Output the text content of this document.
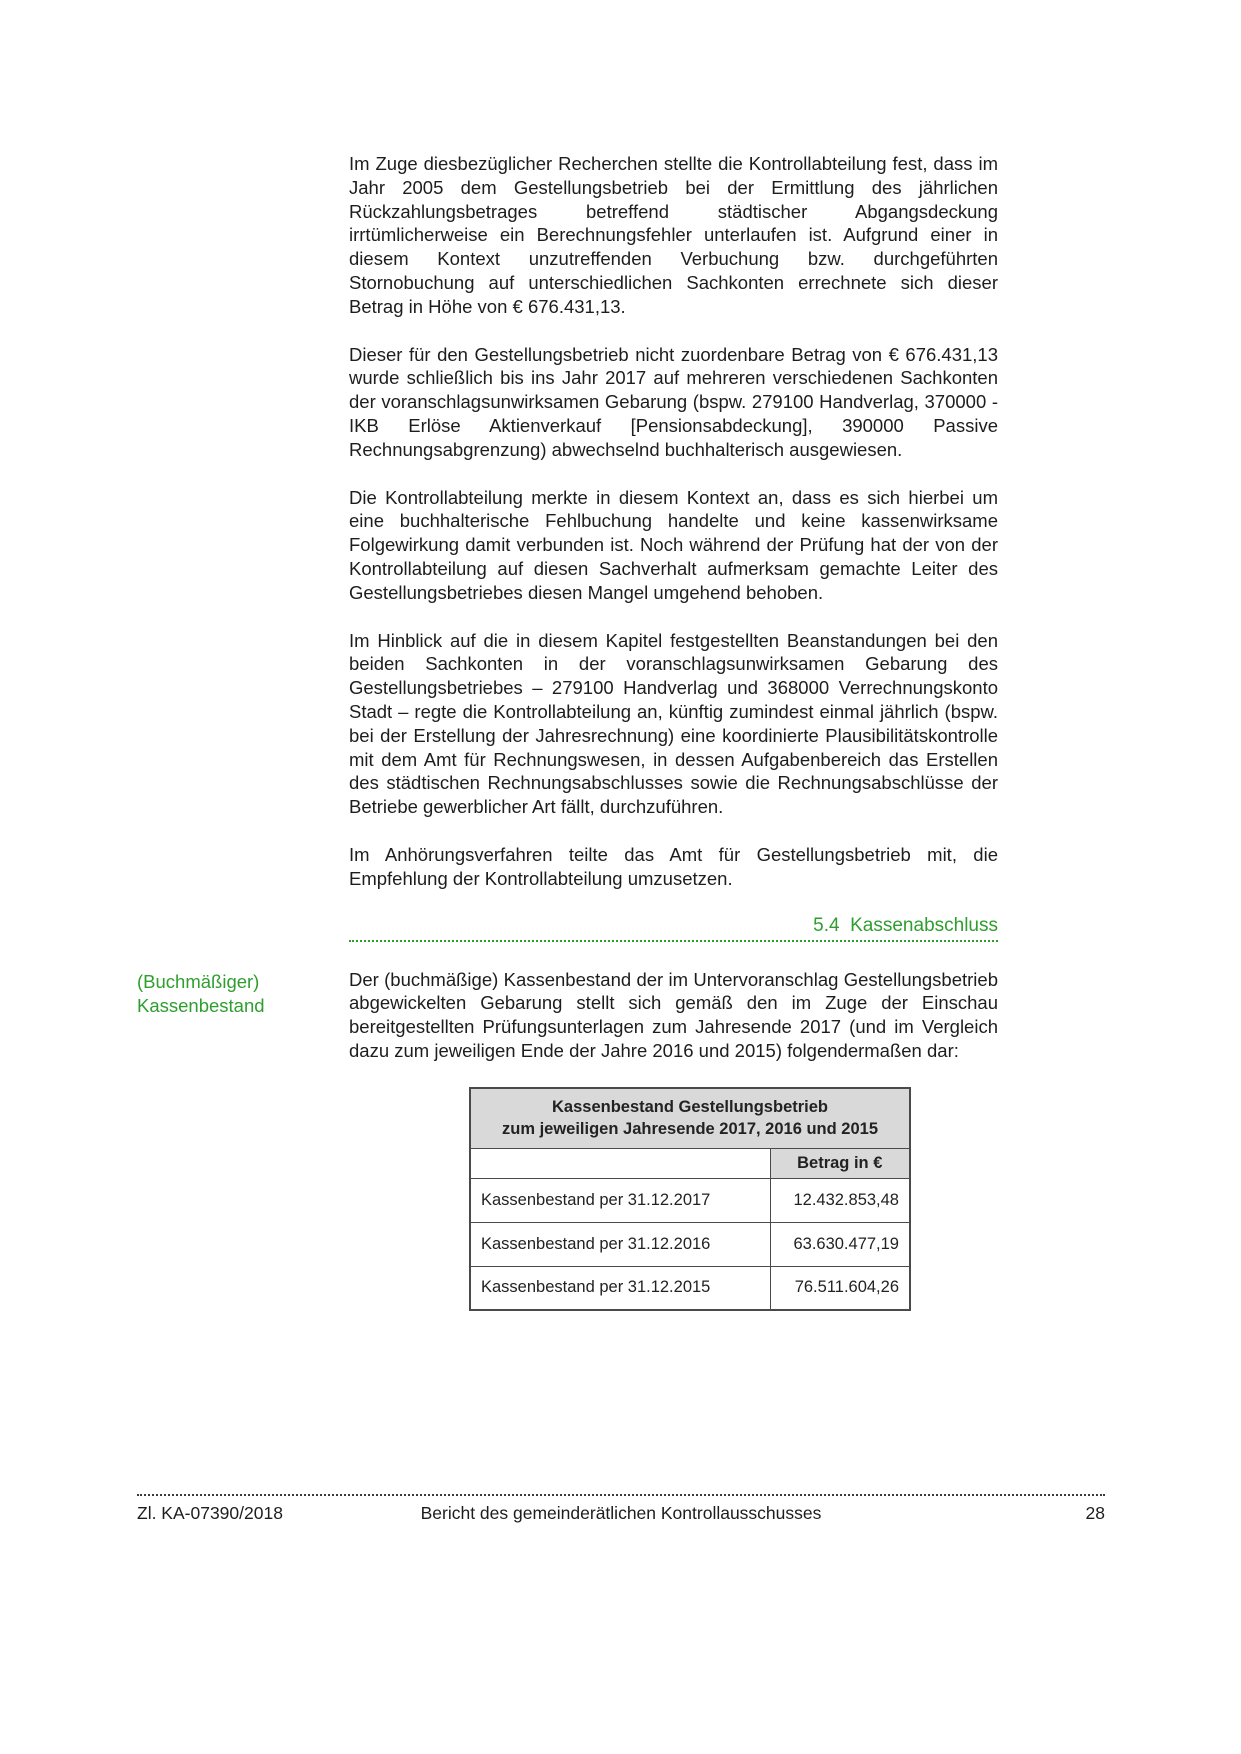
Im Zuge diesbezüglicher Recherchen stellte die Kontrollabteilung fest, dass im Jahr 2005 dem Gestellungsbetrieb bei der Ermittlung des jährlichen Rückzahlungsbetrages betreffend städtischer Abgangsdeckung irrtümlicherweise ein Berechnungsfehler unterlaufen ist. Aufgrund einer in diesem Kontext unzutreffenden Verbuchung bzw. durchgeführten Stornobuchung auf unterschiedlichen Sachkonten errechnete sich dieser Betrag in Höhe von € 676.431,13.

Dieser für den Gestellungsbetrieb nicht zuordenbare Betrag von € 676.431,13 wurde schließlich bis ins Jahr 2017 auf mehreren verschiedenen Sachkonten der voranschlagsunwirksamen Gebarung (bspw. 279100 Handverlag, 370000 - IKB Erlöse Aktienverkauf [Pensionsabdeckung], 390000 Passive Rechnungsabgrenzung) abwechselnd buchhalterisch ausgewiesen.

Die Kontrollabteilung merkte in diesem Kontext an, dass es sich hierbei um eine buchhalterische Fehlbuchung handelte und keine kassenwirksame Folgewirkung damit verbunden ist. Noch während der Prüfung hat der von der Kontrollabteilung auf diesen Sachverhalt aufmerksam gemachte Leiter des Gestellungsbetriebes diesen Mangel umgehend behoben.

Im Hinblick auf die in diesem Kapitel festgestellten Beanstandungen bei den beiden Sachkonten in der voranschlagsunwirksamen Gebarung des Gestellungsbetriebes – 279100 Handverlag und 368000 Verrechnungskonto Stadt – regte die Kontrollabteilung an, künftig zumindest einmal jährlich (bspw. bei der Erstellung der Jahresrechnung) eine koordinierte Plausibilitätskontrolle mit dem Amt für Rechnungswesen, in dessen Aufgabenbereich das Erstellen des städtischen Rechnungsabschlusses sowie die Rechnungsabschlüsse der Betriebe gewerblicher Art fällt, durchzuführen.

Im Anhörungsverfahren teilte das Amt für Gestellungsbetrieb mit, die Empfehlung der Kontrollabteilung umzusetzen.

5.4  Kassenabschluss
(Buchmäßiger)
Kassenbestand

Der (buchmäßige) Kassenbestand der im Untervoranschlag Gestellungsbetrieb abgewickelten Gebarung stellt sich gemäß den im Zuge der Einschau bereitgestellten Prüfungsunterlagen zum Jahresende 2017 (und im Vergleich dazu zum jeweiligen Ende der Jahre 2016 und 2015) folgendermaßen dar:

Kassenbestand Gestellungsbetrieb
zum jeweiligen Jahresende 2017, 2016 und 2015	

	Betrag in €
Kassenbestand per 31.12.2017	12.432.853,48
Kassenbestand per 31.12.2016	63.630.477,19
Kassenbestand per 31.12.2015	76.511.604,26
Zl. KA-07390/2018	Bericht des gemeinderätlichen Kontrollausschusses	28
